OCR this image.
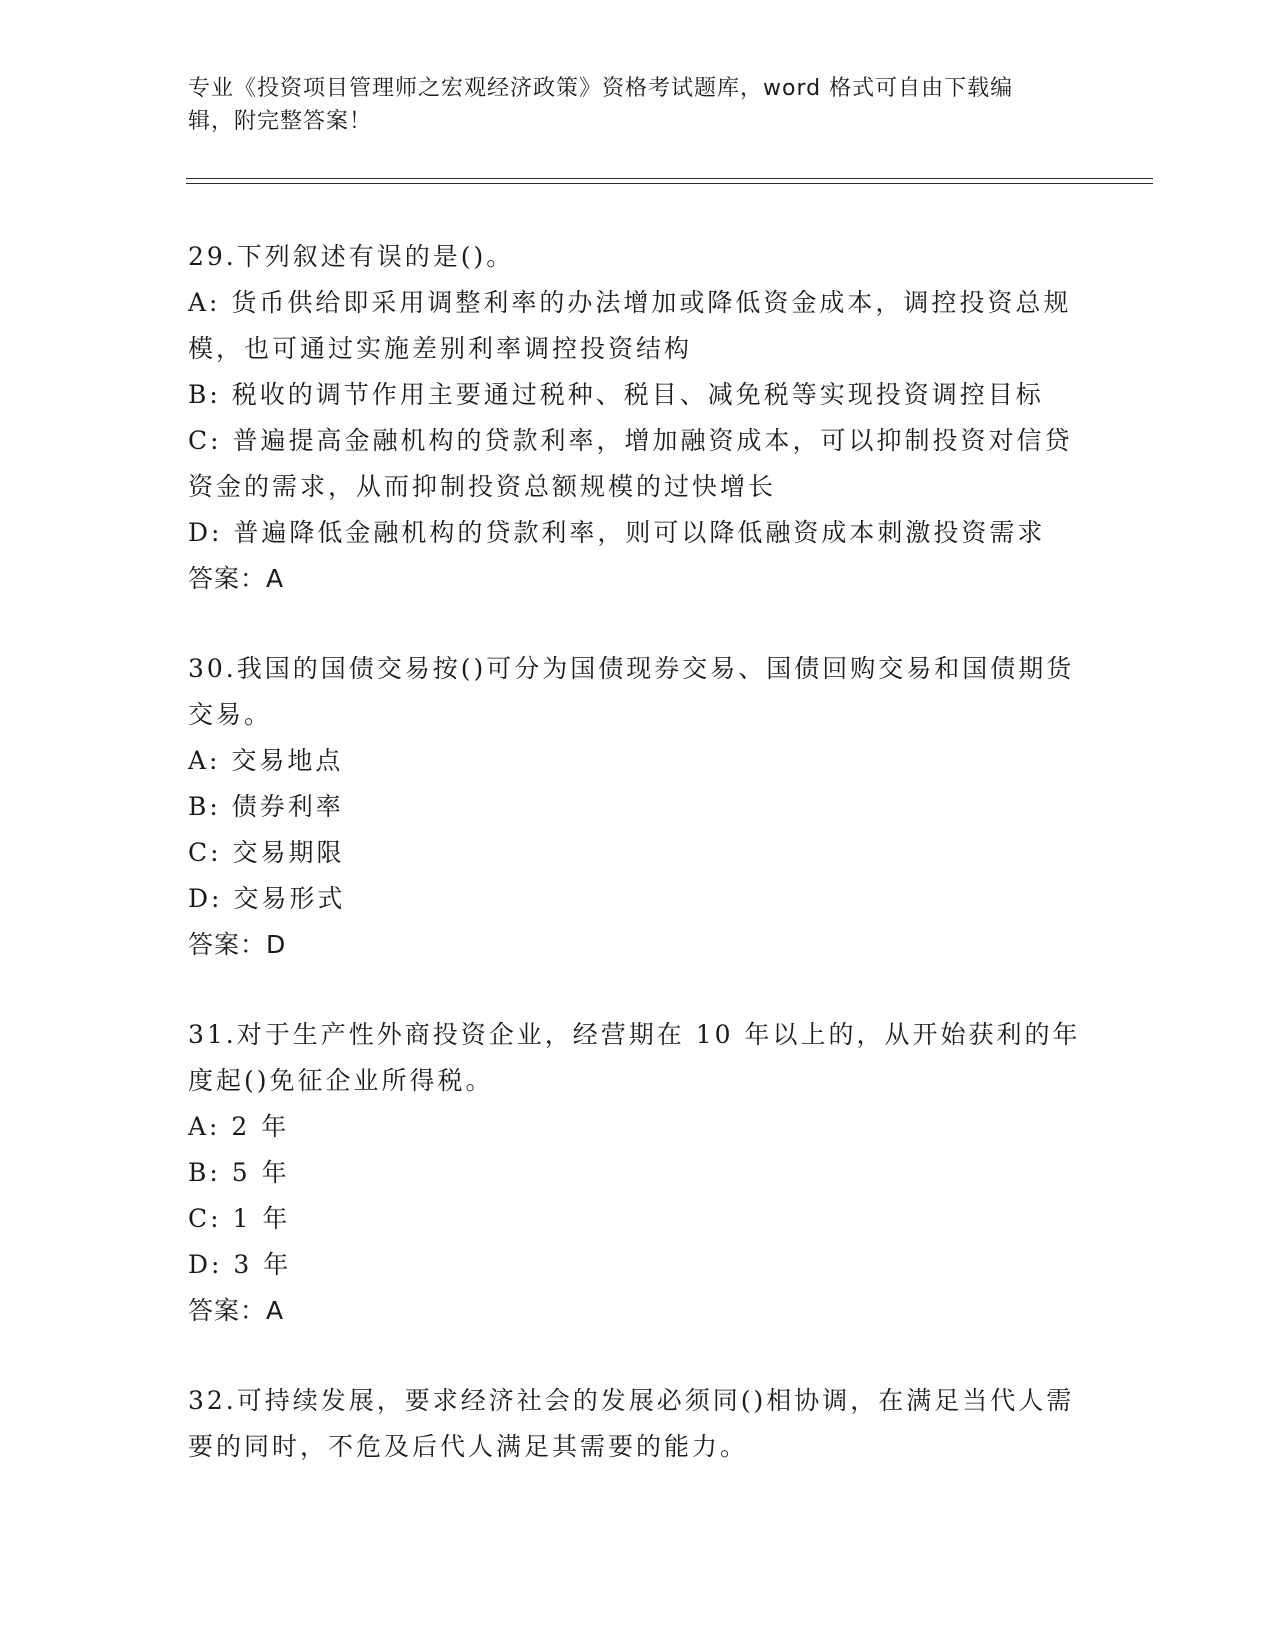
专业《投资项目管理师之宏观经济政策》资格考试题库，word 格式可自由下载编
辑，附完整答案！

29.下列叙述有误的是()。

A: 货币供给即采用调整利率的办法增加或降低资金成本，调控投资总规模，也可通过实施差别利率调控投资结构

B: 税收的调节作用主要通过税种、税目、减免税等实现投资调控目标

C: 普遍提高金融机构的贷款利率，增加融资成本，可以抑制投资对信贷资金的需求，从而抑制投资总额规模的过快增长

D: 普遍降低金融机构的贷款利率，则可以降低融资成本刺激投资需求

答案：A

30.我国的国债交易按()可分为国债现券交易、国债回购交易和国债期货交易。

A: 交易地点

B: 债券利率

C: 交易期限

D: 交易形式

答案：D

31.对于生产性外商投资企业，经营期在 10 年以上的，从开始获利的年度起()免征企业所得税。

A: 2 年

B: 5 年

C: 1 年

D: 3 年

答案：A

32.可持续发展，要求经济社会的发展必须同()相协调，在满足当代人需要的同时，不危及后代人满足其需要的能力。
